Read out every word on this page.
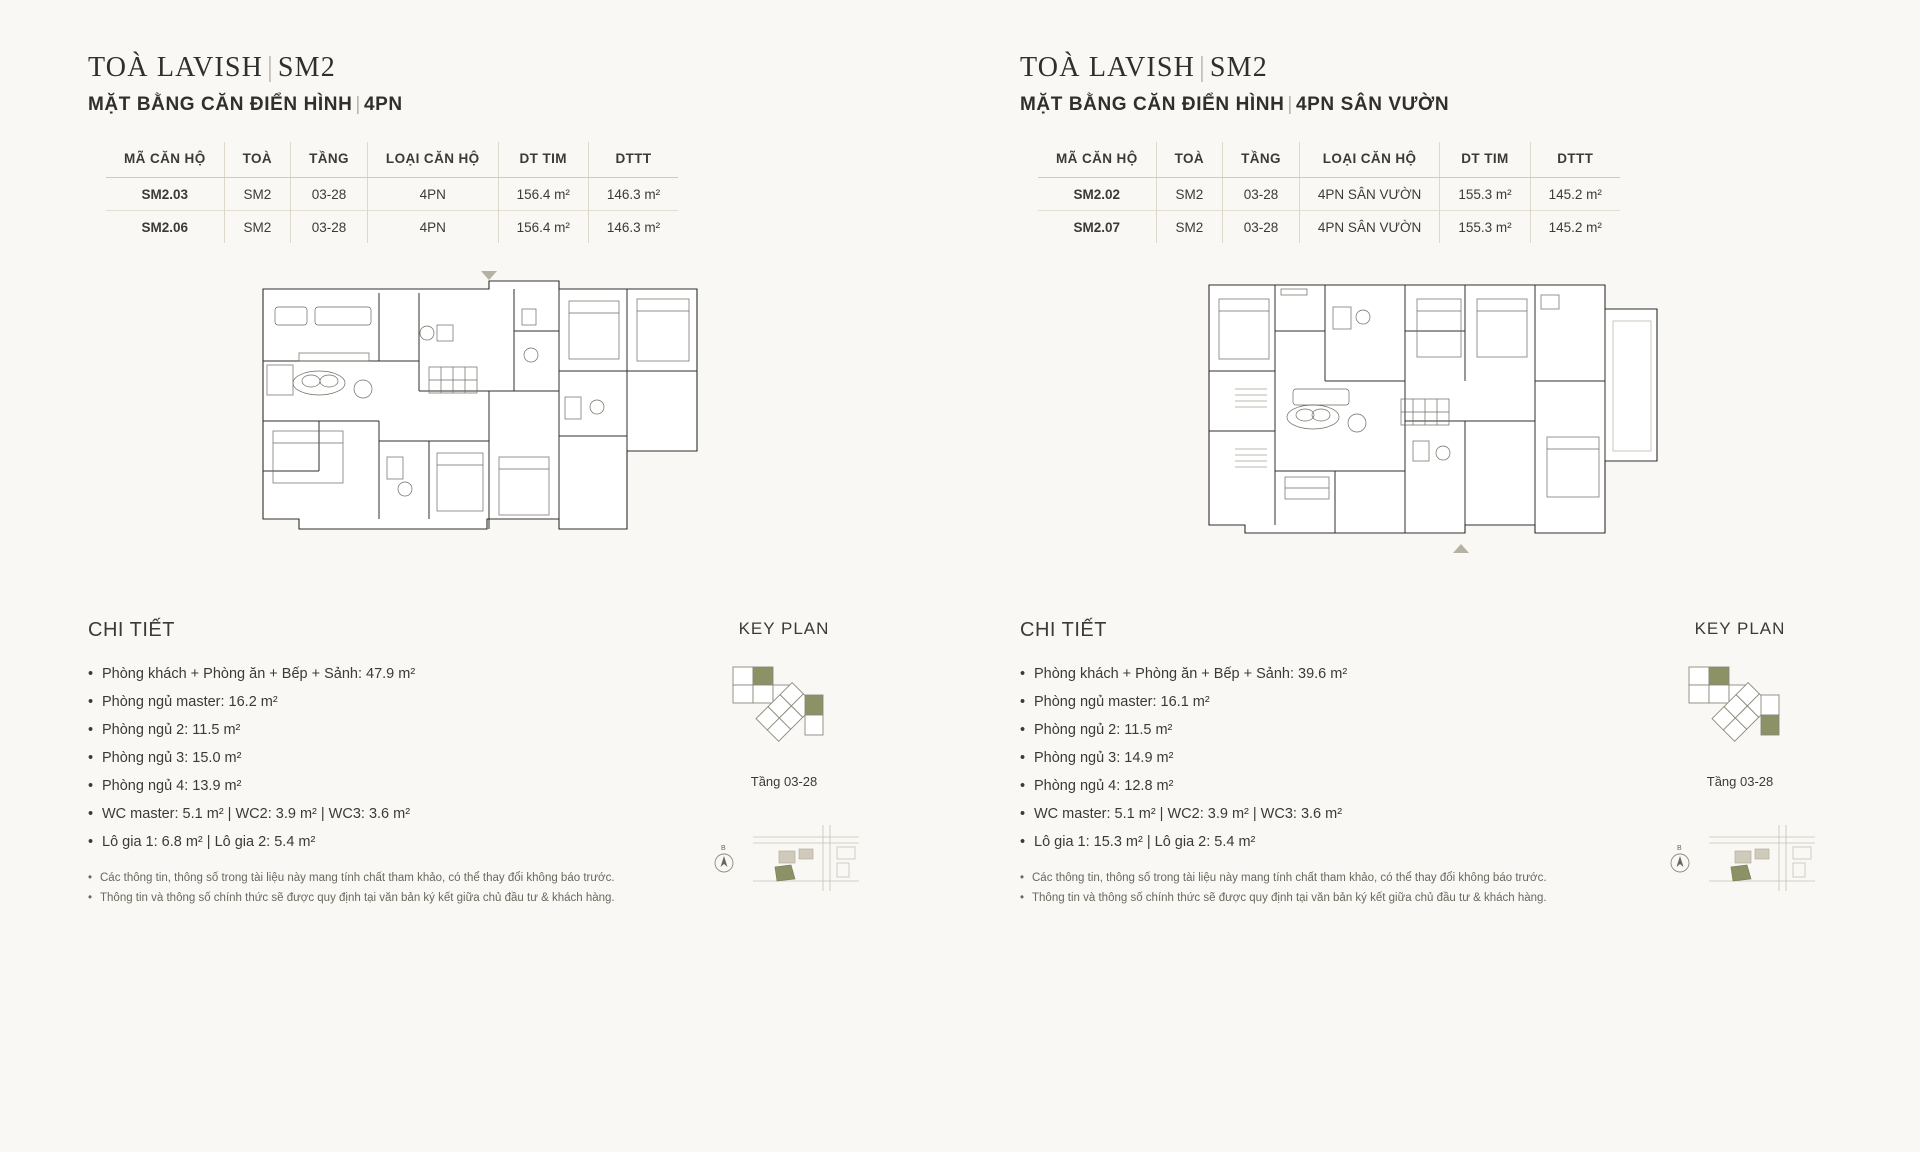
TOÀ LAVISH | SM2
MẶT BẰNG CĂN ĐIỂN HÌNH | 4PN
MÃ CĂN HỘ	TOÀ	TẦNG	LOẠI CĂN HỘ	DT TIM	DTTT
SM2.03	SM2	03-28	4PN	156.4 m²	146.3 m²
SM2.06	SM2	03-28	4PN	156.4 m²	146.3 m²
CHI TIẾT
• Phòng khách + Phòng ăn + Bếp + Sảnh: 47.9 m²
• Phòng ngủ master: 16.2 m²
• Phòng ngủ 2: 11.5 m²
• Phòng ngủ 3: 15.0 m²
• Phòng ngủ 4: 13.9 m²
• WC master: 5.1 m² | WC2: 3.9 m² | WC3: 3.6 m²
• Lô gia 1: 6.8 m² | Lô gia 2: 5.4 m²

• Các thông tin, thông số trong tài liệu này mang tính chất tham khảo, có thể thay đổi không báo trước.

• Thông tin và thông số chính thức sẽ được quy định tại văn bản ký kết giữa chủ đầu tư & khách hàng.

KEY PLAN
Tầng 03-28
B
TOÀ LAVISH | SM2
MẶT BẰNG CĂN ĐIỂN HÌNH | 4PN SÂN VƯỜN
MÃ CĂN HỘ	TOÀ	TẦNG	LOẠI CĂN HỘ	DT TIM	DTTT
SM2.02	SM2	03-28	4PN SÂN VƯỜN	155.3 m²	145.2 m²
SM2.07	SM2	03-28	4PN SÂN VƯỜN	155.3 m²	145.2 m²
CHI TIẾT
• Phòng khách + Phòng ăn + Bếp + Sảnh: 39.6 m²
• Phòng ngủ master: 16.1 m²
• Phòng ngủ 2: 11.5 m²
• Phòng ngủ 3: 14.9 m²
• Phòng ngủ 4: 12.8 m²
• WC master: 5.1 m² | WC2: 3.9 m² | WC3: 3.6 m²
• Lô gia 1: 15.3 m² | Lô gia 2: 5.4 m²

• Các thông tin, thông số trong tài liệu này mang tính chất tham khảo, có thể thay đổi không báo trước.

• Thông tin và thông số chính thức sẽ được quy định tại văn bản ký kết giữa chủ đầu tư & khách hàng.

KEY PLAN
Tầng 03-28
B
